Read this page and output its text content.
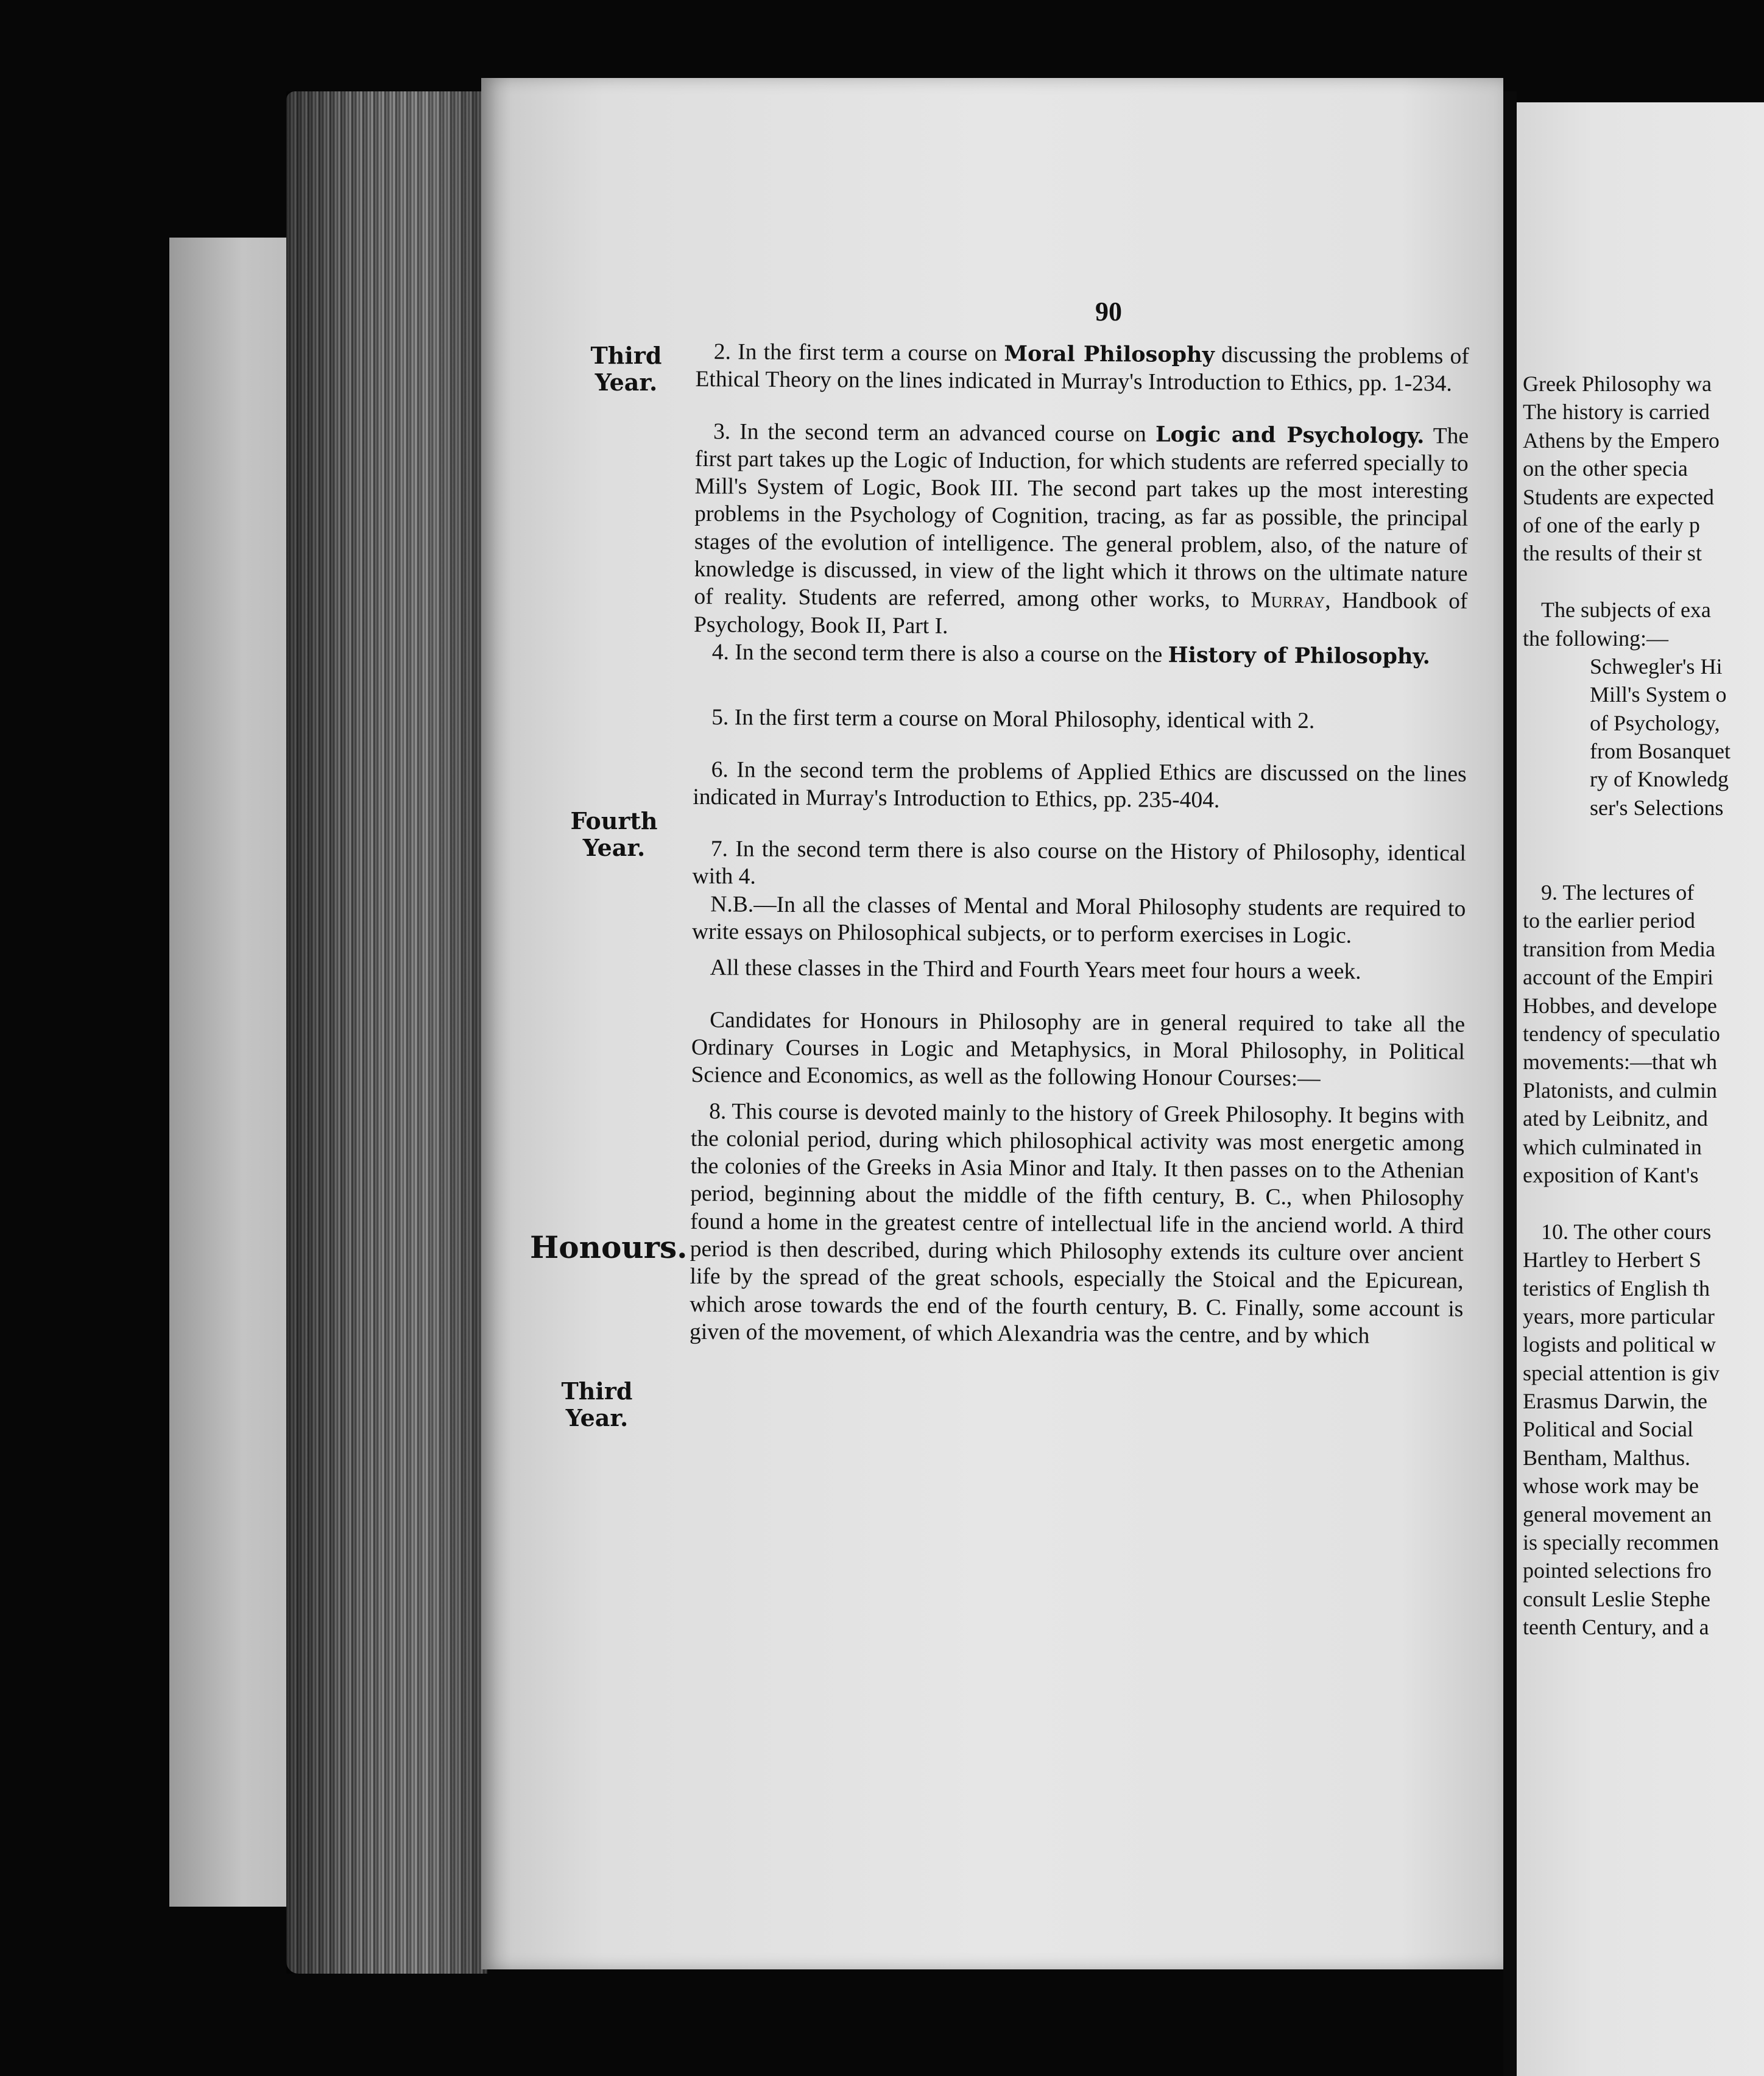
90
Third
Year.
Fourth
Year.
Honours.
Third
Year.

2. In the first term a course on Moral Philosophy discussing the problems of Ethical Theory on the lines indicated in Murray's Introduction to Ethics, pp. 1-234.

3. In the second term an advanced course on Logic and Psychology. The first part takes up the Logic of Induction, for which students are referred specially to Mill's System of Logic, Book III. The second part takes up the most interesting problems in the Psychology of Cognition, tracing, as far as possible, the principal stages of the evolution of intelligence. The general problem, also, of the nature of knowledge is discussed, in view of the light which it throws on the ultimate nature of reality. Students are referred, among other works, to Murray, Handbook of Psychology, Book II, Part I.

4. In the second term there is also a course on the History of Philosophy.

5. In the first term a course on Moral Philosophy, identical with 2.

6. In the second term the problems of Applied Ethics are discussed on the lines indicated in Murray's Introduction to Ethics, pp. 235-404.

7. In the second term there is also course on the History of Philosophy, identical with 4.

N.B.—In all the classes of Mental and Moral Philosophy students are required to write essays on Philosophical subjects, or to perform exercises in Logic.

All these classes in the Third and Fourth Years meet four hours a week.

Candidates for Honours in Philosophy are in general required to take all the Ordinary Courses in Logic and Metaphysics, in Moral Philosophy, in Political Science and Economics, as well as the following Honour Courses:—

8. This course is devoted mainly to the history of Greek Philosophy. It begins with the colonial period, during which philosophical activity was most energetic among the colonies of the Greeks in Asia Minor and Italy. It then passes on to the Athenian period, beginning about the middle of the fifth century, B. C., when Philosophy found a home in the greatest centre of intellectual life in the anciend world. A third period is then described, during which Philosophy extends its culture over ancient life by the spread of the great schools, especially the Stoical and the Epicurean, which arose towards the end of the fourth century, B. C. Finally, some account is given of the movement, of which Alexandria was the centre, and by which

Greek Philosophy wa
The history is carried
Athens by the Empero
on the other specia
Students are expected
of one of the early p
the results of their st
The subjects of exa
the following:—
Schwegler's Hi
Mill's System o
of Psychology,
from Bosanquet
ry of Knowledg
ser's Selections
9. The lectures of
to the earlier period
transition from Media
account of the Empiri
Hobbes, and develope
tendency of speculatio
movements:—that wh
Platonists, and culmin
ated by Leibnitz, and
which culminated in
exposition of Kant's
10. The other cours
Hartley to Herbert S
teristics of English th
years, more particular
logists and political w
special attention is giv
Erasmus Darwin, the
Political and Social
Bentham, Malthus.
whose work may be
general movement an
is specially recommen
pointed selections fro
consult Leslie Stephe
teenth Century, and a
